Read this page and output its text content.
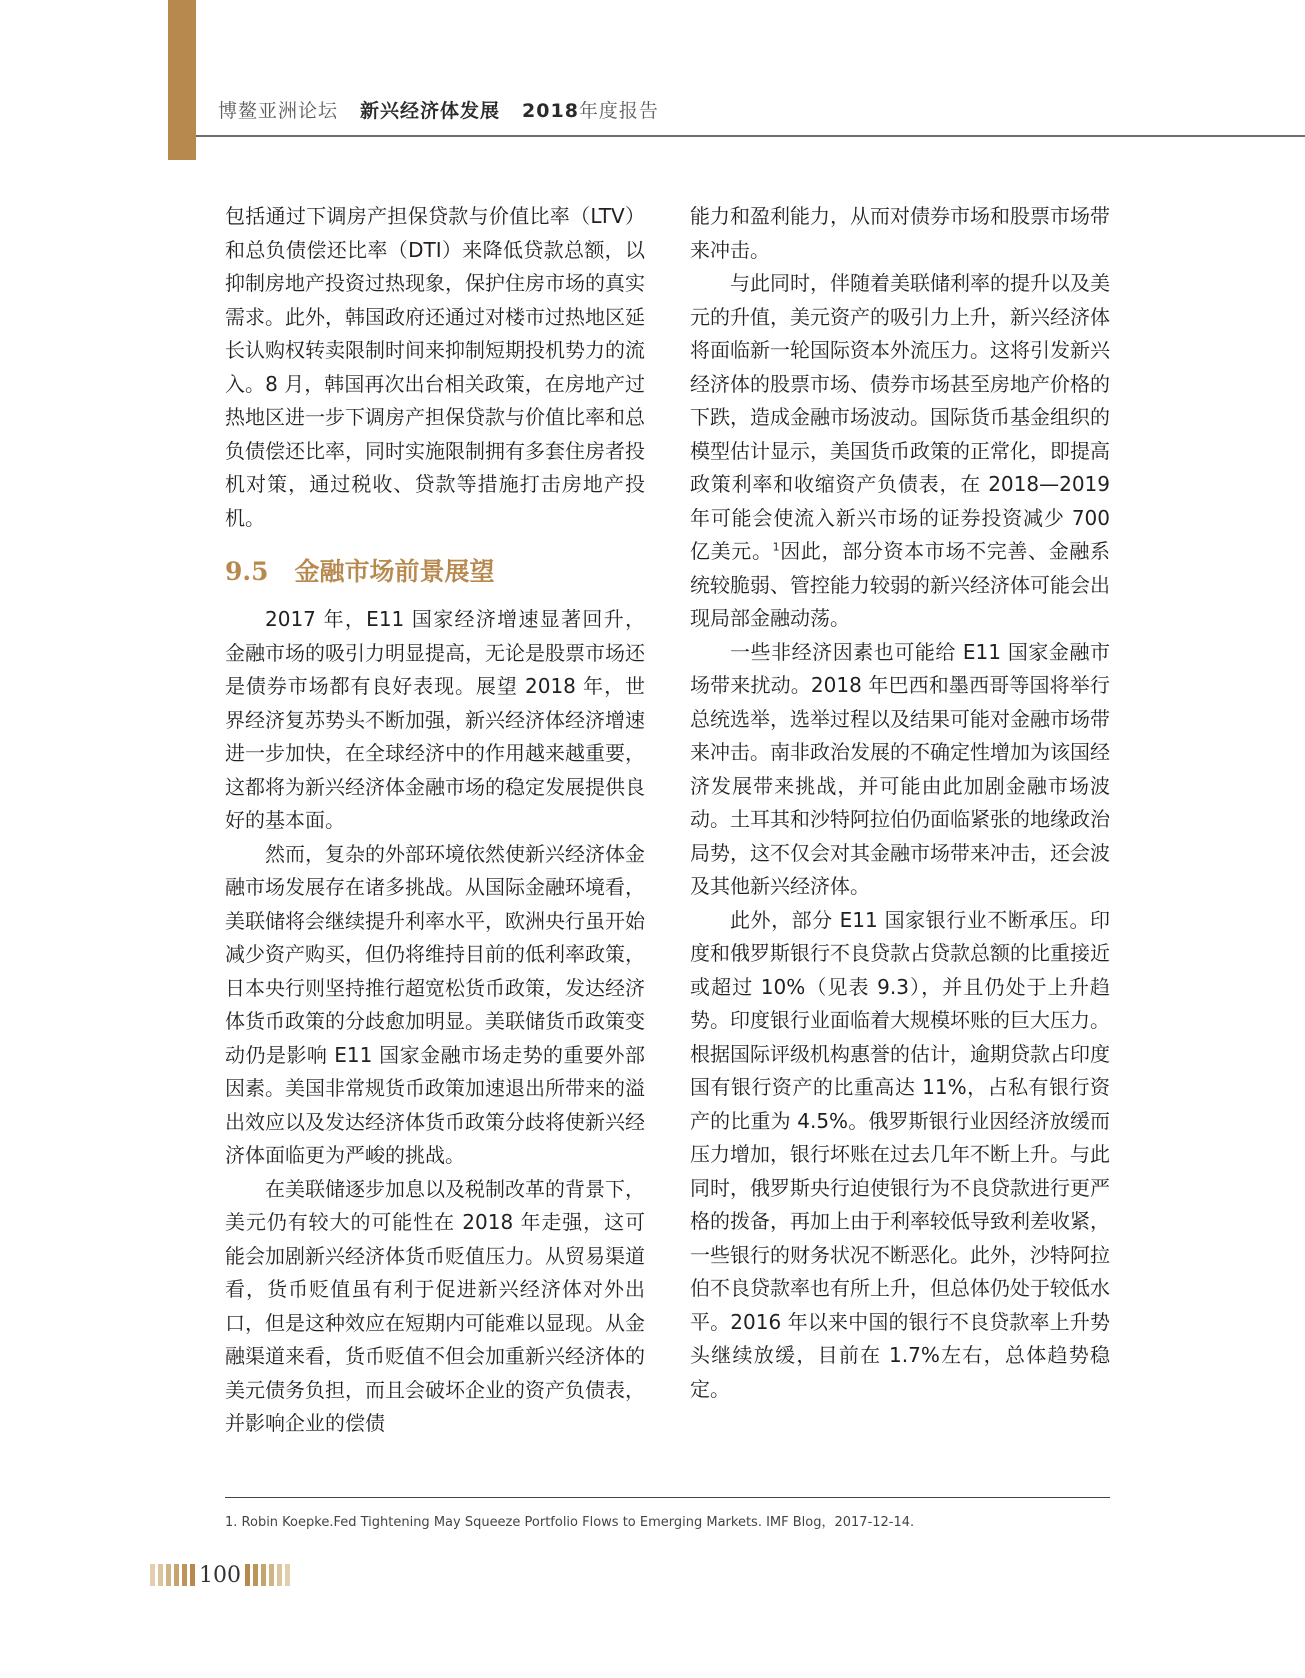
博鳌亚洲论坛 新兴经济体发展 2018年度报告

包括通过下调房产担保贷款与价值比率（LTV）和总负债偿还比率（DTI）来降低贷款总额，以抑制房地产投资过热现象，保护住房市场的真实需求。此外，韩国政府还通过对楼市过热地区延长认购权转卖限制时间来抑制短期投机势力的流入。8 月，韩国再次出台相关政策，在房地产过热地区进一步下调房产担保贷款与价值比率和总负债偿还比率，同时实施限制拥有多套住房者投机对策，通过税收、贷款等措施打击房地产投机。

9.5 金融市场前景展望

2017 年，E11 国家经济增速显著回升，金融市场的吸引力明显提高，无论是股票市场还是债券市场都有良好表现。展望 2018 年，世界经济复苏势头不断加强，新兴经济体经济增速进一步加快，在全球经济中的作用越来越重要，这都将为新兴经济体金融市场的稳定发展提供良好的基本面。

然而，复杂的外部环境依然使新兴经济体金融市场发展存在诸多挑战。从国际金融环境看，美联储将会继续提升利率水平，欧洲央行虽开始减少资产购买，但仍将维持目前的低利率政策，日本央行则坚持推行超宽松货币政策，发达经济体货币政策的分歧愈加明显。美联储货币政策变动仍是影响 E11 国家金融市场走势的重要外部因素。美国非常规货币政策加速退出所带来的溢出效应以及发达经济体货币政策分歧将使新兴经济体面临更为严峻的挑战。

在美联储逐步加息以及税制改革的背景下，美元仍有较大的可能性在 2018 年走强，这可能会加剧新兴经济体货币贬值压力。从贸易渠道看，货币贬值虽有利于促进新兴经济体对外出口，但是这种效应在短期内可能难以显现。从金融渠道来看，货币贬值不但会加重新兴经济体的美元债务负担，而且会破坏企业的资产负债表，并影响企业的偿债

能力和盈利能力，从而对债券市场和股票市场带来冲击。

与此同时，伴随着美联储利率的提升以及美元的升值，美元资产的吸引力上升，新兴经济体将面临新一轮国际资本外流压力。这将引发新兴经济体的股票市场、债券市场甚至房地产价格的下跌，造成金融市场波动。国际货币基金组织的模型估计显示，美国货币政策的正常化，即提高政策利率和收缩资产负债表，在 2018—2019 年可能会使流入新兴市场的证券投资减少 700 亿美元。$^1$因此，部分资本市场不完善、金融系统较脆弱、管控能力较弱的新兴经济体可能会出现局部金融动荡。

一些非经济因素也可能给 E11 国家金融市场带来扰动。2018 年巴西和墨西哥等国将举行总统选举，选举过程以及结果可能对金融市场带来冲击。南非政治发展的不确定性增加为该国经济发展带来挑战，并可能由此加剧金融市场波动。土耳其和沙特阿拉伯仍面临紧张的地缘政治局势，这不仅会对其金融市场带来冲击，还会波及其他新兴经济体。

此外，部分 E11 国家银行业不断承压。印度和俄罗斯银行不良贷款占贷款总额的比重接近或超过 10%（见表 9.3），并且仍处于上升趋势。印度银行业面临着大规模坏账的巨大压力。根据国际评级机构惠誉的估计，逾期贷款占印度国有银行资产的比重高达 11%，占私有银行资产的比重为 4.5%。俄罗斯银行业因经济放缓而压力增加，银行坏账在过去几年不断上升。与此同时，俄罗斯央行迫使银行为不良贷款进行更严格的拨备，再加上由于利率较低导致利差收紧，一些银行的财务状况不断恶化。此外，沙特阿拉伯不良贷款率也有所上升，但总体仍处于较低水平。2016 年以来中国的银行不良贷款率上升势头继续放缓，目前在 1.7%左右，总体趋势稳定。

1. Robin Koepke.Fed Tightening May Squeeze Portfolio Flows to Emerging Markets. IMF Blog，2017-12-14.
100
